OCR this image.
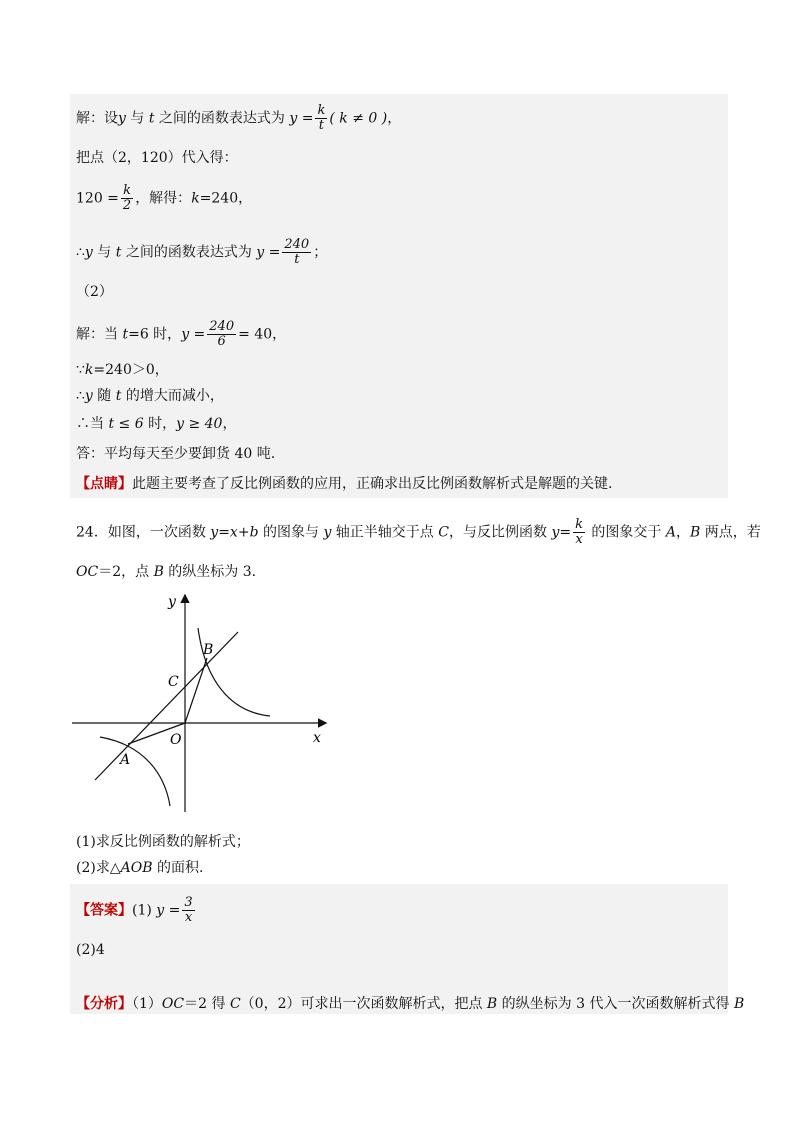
解：设y 与 t 之间的函数表达式为 $y = \frac{k}{t}$ ( k ≠ 0 )，
把点（2，120）代入得：
$120 = \frac{k}{2}$ ，解得：k=240，
∴y 与 t 之间的函数表达式为 $y = \frac{240}{t}$ ；
（2）
解：当 t=6 时，$y = \frac{240}{6} = 40$，
∵k=240＞0，
∴y 随 t 的增大而减小，
∴当 t ≤ 6 时，y ≥ 40，
答：平均每天至少要卸货 40 吨.
【点睛】此题主要考查了反比例函数的应用，正确求出反比例函数解析式是解题的关键.
24．如图，一次函数 y=x+b 的图象与 y 轴正半轴交于点 C，与反比例函数 $y= \frac{k}{x}$ 的图象交于 A，B 两点，若
OC＝2，点 B 的纵坐标为 3.
y
x
B
C
O
A
(1)求反比例函数的解析式；
(2)求△AOB 的面积.
【答案】(1) $y = \frac{3}{x}$
(2)4
【分析】（1）OC＝2 得 C（0，2）可求出一次函数解析式，把点 B 的纵坐标为 3 代入一次函数解析式得 B
